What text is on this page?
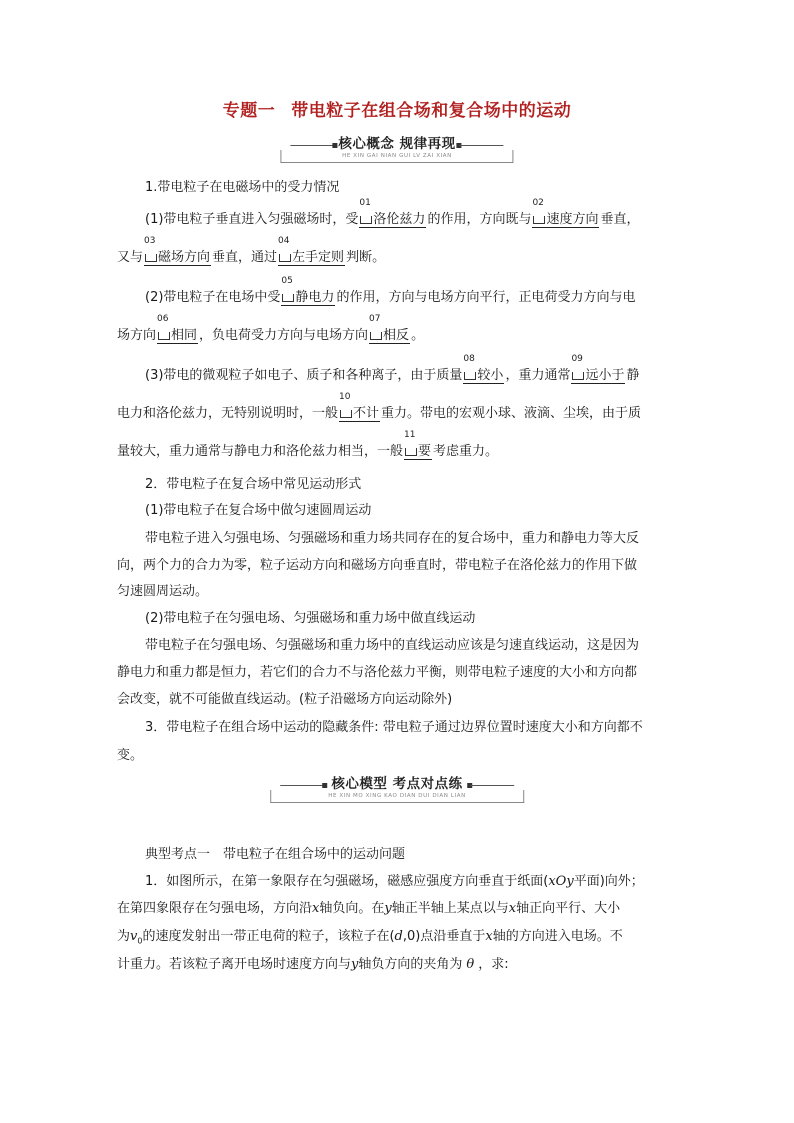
专题一 带电粒子在组合场和复合场中的运动
核心概念 规律再现
HE XIN GAI NIAN GUI LV ZAI XIAN
1.带电粒子在电磁场中的受力情况
(1)带电粒子垂直进入匀强磁场时，受
01
洛伦兹力 的作用，方向既与
02
速度方向 垂直，
又与
03
磁场方向 垂直，通过
04
左手定则 判断。
(2)带电粒子在电场中受
05
静电力 的作用，方向与电场方向平行，正电荷受力方向与电
场方向
06
相同 ，负电荷受力方向与电场方向
07
相反 。
(3)带电的微观粒子如电子、质子和各种离子，由于质量
08
较小 ，重力通常
09
远小于 静
电力和洛伦兹力，无特别说明时，一般
10
不计 重力。带电的宏观小球、液滴、尘埃，由于质
量较大，重力通常与静电力和洛伦兹力相当，一般
11
要 考虑重力。
2．带电粒子在复合场中常见运动形式
(1)带电粒子在复合场中做匀速圆周运动
带电粒子进入匀强电场、匀强磁场和重力场共同存在的复合场中，重力和静电力等大反
向，两个力的合力为零，粒子运动方向和磁场方向垂直时，带电粒子在洛伦兹力的作用下做
匀速圆周运动。
(2)带电粒子在匀强电场、匀强磁场和重力场中做直线运动
带电粒子在匀强电场、匀强磁场和重力场中的直线运动应该是匀速直线运动，这是因为
静电力和重力都是恒力，若它们的合力不与洛伦兹力平衡，则带电粒子速度的大小和方向都
会改变，就不可能做直线运动。(粒子沿磁场方向运动除外)
3．带电粒子在组合场中运动的隐藏条件: 带电粒子通过边界位置时速度大小和方向都不
变。
核心模型 考点对点练
HE XIN MO XING KAO DIAN DUI DIAN LIAN
典型考点一　带电粒子在组合场中的运动问题
1．如图所示，在第一象限存在匀强磁场，磁感应强度方向垂直于纸面(xOy平面)向外；
在第四象限存在匀强电场，方向沿x轴负向。在y轴正半轴上某点以与x轴正向平行、大小
为$v_0$的速度发射出一带正电荷的粒子，该粒子在(d,0)点沿垂直于x轴的方向进入电场。不
计重力。若该粒子离开电场时速度方向与y轴负方向的夹角为 θ ，求:
